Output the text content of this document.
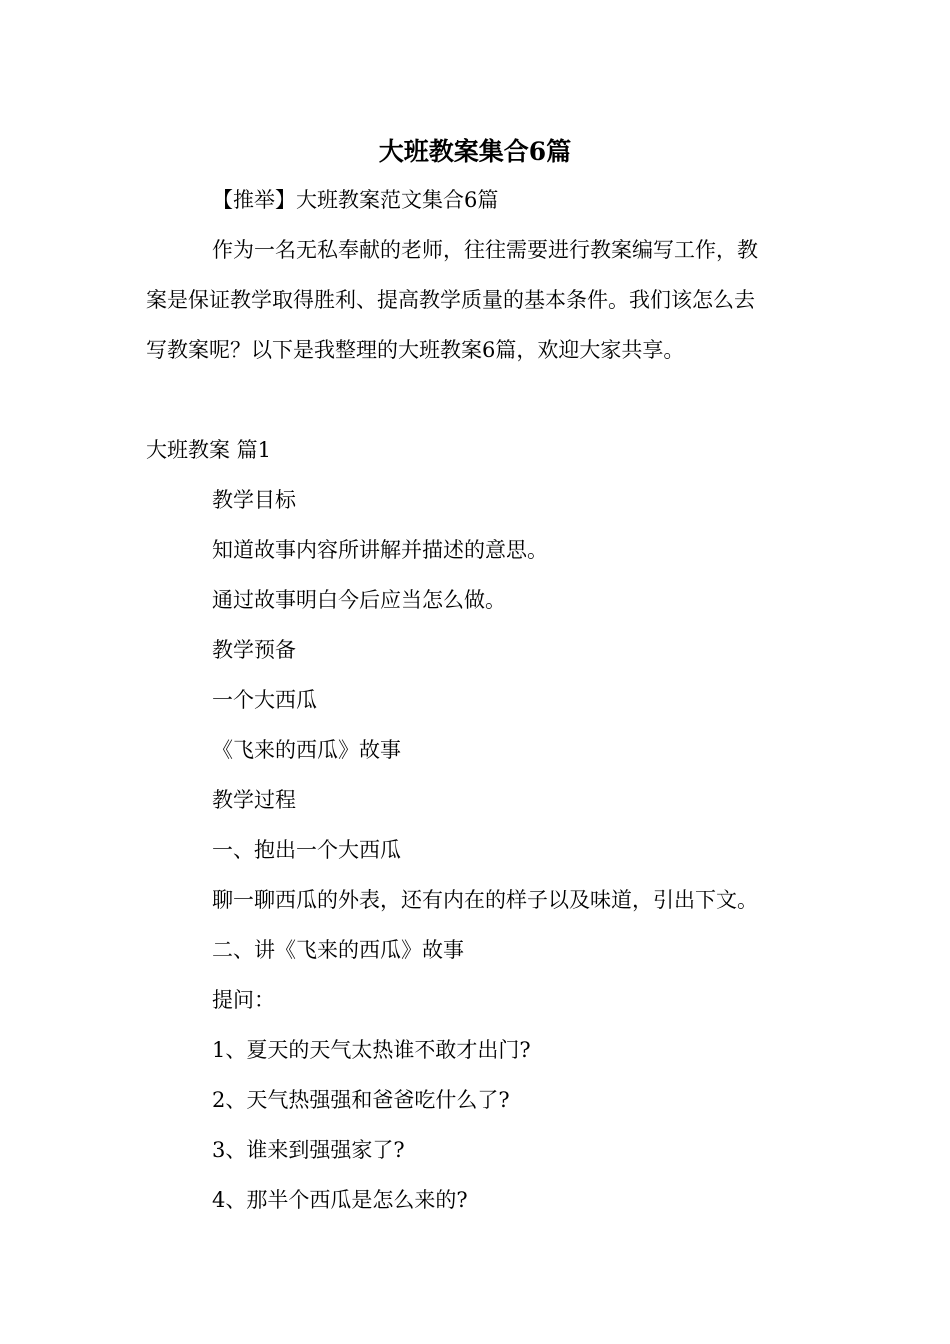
大班教案集合6篇
【推举】大班教案范文集合6篇
作为一名无私奉献的老师，往往需要进行教案编写工作，教
案是保证教学取得胜利、提高教学质量的基本条件。我们该怎么去
写教案呢？以下是我整理的大班教案6篇，欢迎大家共享。
大班教案 篇1
教学目标
知道故事内容所讲解并描述的意思。
通过故事明白今后应当怎么做。
教学预备
一个大西瓜
《飞来的西瓜》故事
教学过程
一、抱出一个大西瓜
聊一聊西瓜的外表，还有内在的样子以及味道，引出下文。
二、讲《飞来的西瓜》故事
提问：
1、夏天的天气太热谁不敢才出门?
2、天气热强强和爸爸吃什么了?
3、谁来到强强家了?
4、那半个西瓜是怎么来的?
